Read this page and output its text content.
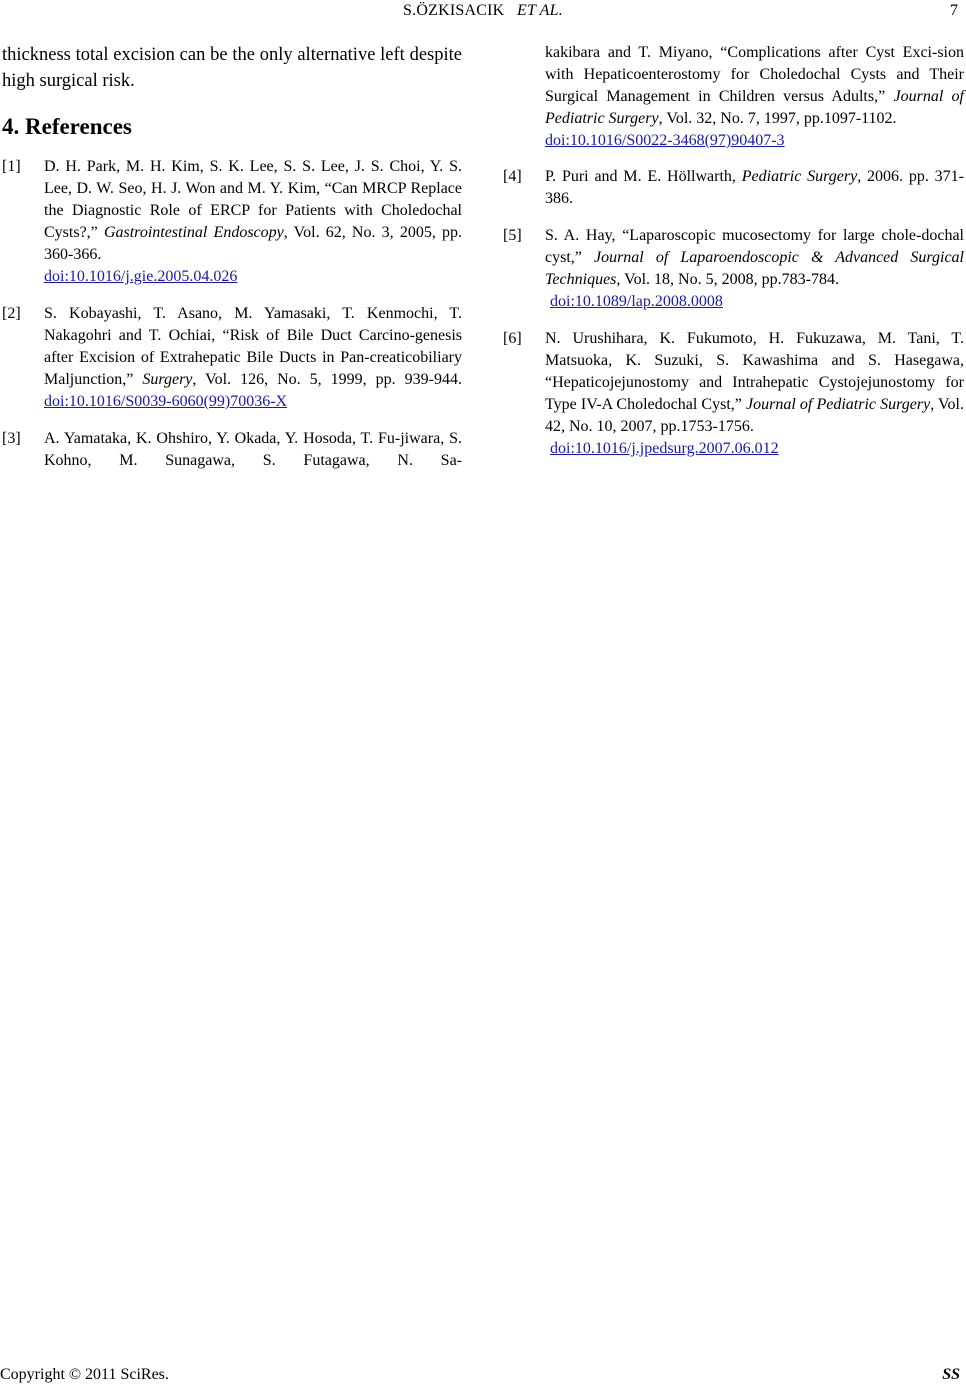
S.ÖZKISACIK ET AL.	7

thickness total excision can be the only alternative left despite high surgical risk.

4. References
[1] D. H. Park, M. H. Kim, S. K. Lee, S. S. Lee, J. S. Choi, Y. S. Lee, D. W. Seo, H. J. Won and M. Y. Kim, “Can MRCP Replace the Diagnostic Role of ERCP for Patients with Choledochal Cysts?,” Gastrointestinal Endoscopy, Vol. 62, No. 3, 2005, pp. 360-366.
doi:10.1016/j.gie.2005.04.026
[2] S. Kobayashi, T. Asano, M. Yamasaki, T. Kenmochi, T. Nakagohri and T. Ochiai, “Risk of Bile Duct Carcino-genesis after Excision of Extrahepatic Bile Ducts in Pan-creaticobiliary Maljunction,” Surgery, Vol. 126, No. 5, 1999, pp. 939-944. doi:10.1016/S0039-6060(99)70036-X
[3] A. Yamataka, K. Ohshiro, Y. Okada, Y. Hosoda, T. Fu-jiwara, S. Kohno, M. Sunagawa, S. Futagawa, N. Sa-
kakibara and T. Miyano, “Complications after Cyst Exci-sion with Hepaticoenterostomy for Choledochal Cysts and Their Surgical Management in Children versus Adults,” Journal of Pediatric Surgery, Vol. 32, No. 7, 1997, pp.1097-1102.
doi:10.1016/S0022-3468(97)90407-3
[4] P. Puri and M. E. Höllwarth, Pediatric Surgery, 2006. pp. 371-386.
[5] S. A. Hay, “Laparoscopic mucosectomy for large chole-dochal cyst,” Journal of Laparoendoscopic & Advanced Surgical Techniques, Vol. 18, No. 5, 2008, pp.783-784.
doi:10.1089/lap.2008.0008
[6] N. Urushihara, K. Fukumoto, H. Fukuzawa, M. Tani, T. Matsuoka, K. Suzuki, S. Kawashima and S. Hasegawa, “Hepaticojejunostomy and Intrahepatic Cystojejunostomy for Type IV-A Choledochal Cyst,” Journal of Pediatric Surgery, Vol. 42, No. 10, 2007, pp.1753-1756.
doi:10.1016/j.jpedsurg.2007.06.012
Copyright © 2011 SciRes.	SS
